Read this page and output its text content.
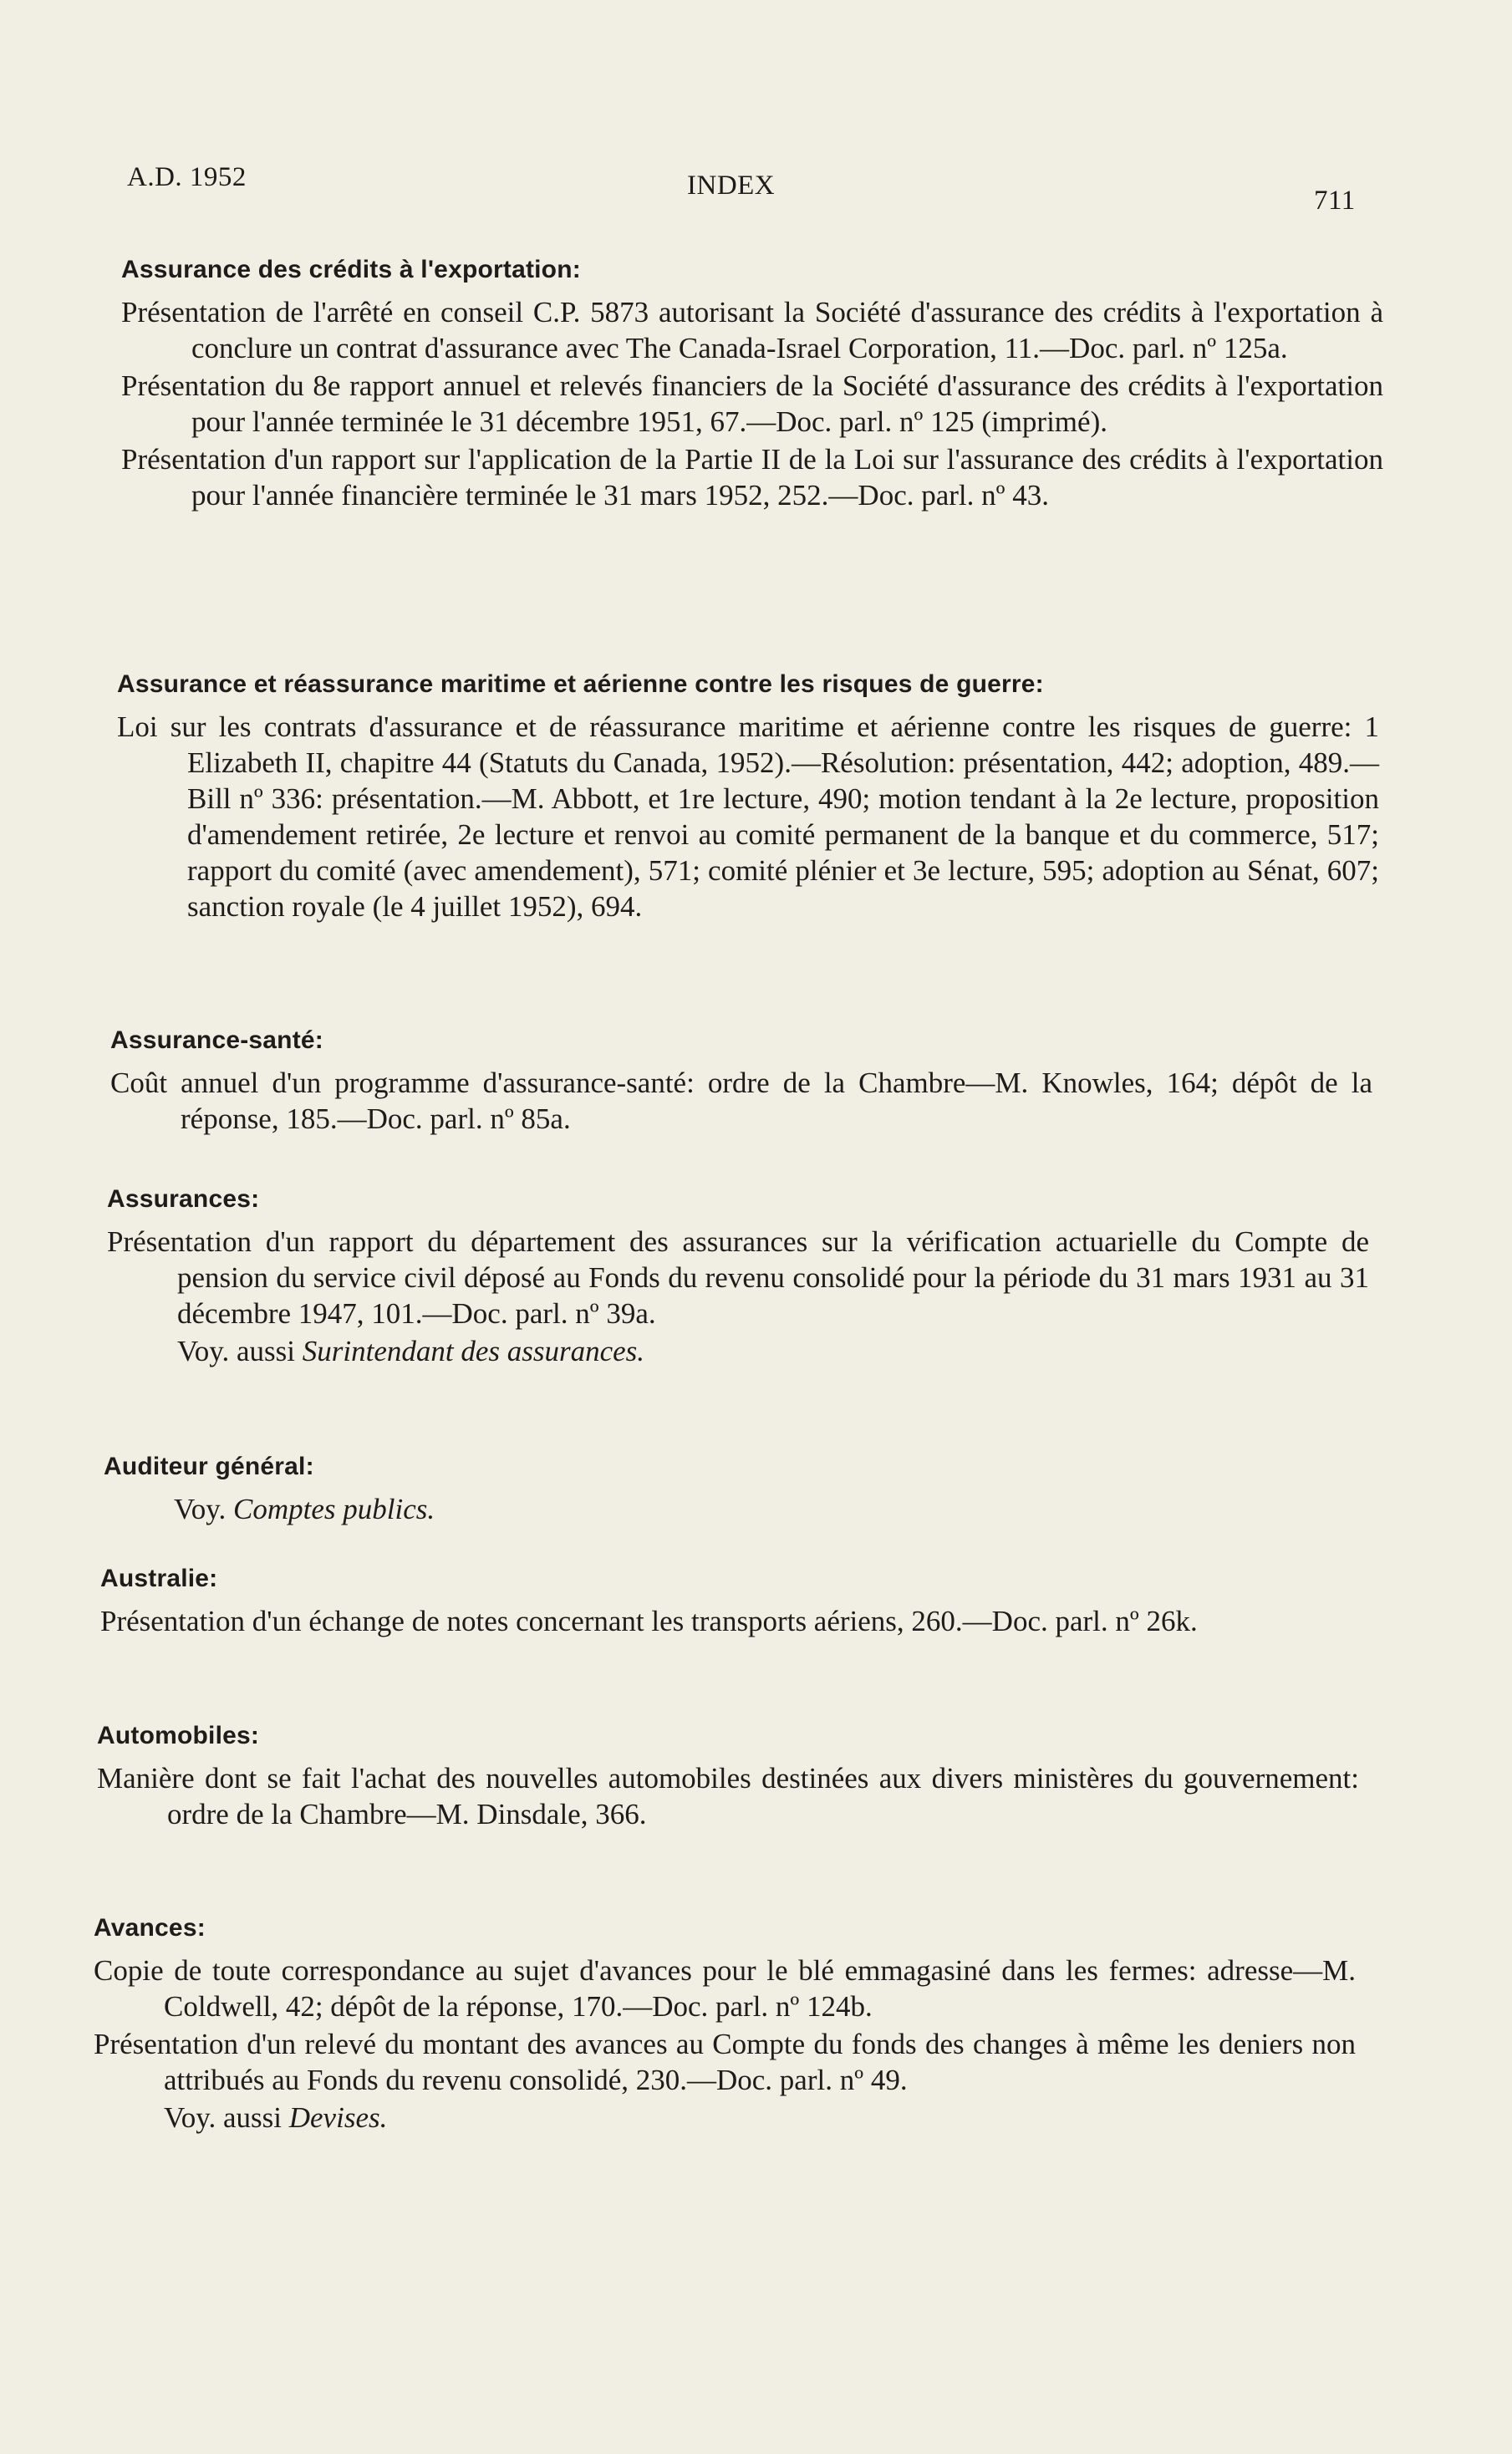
A.D. 1952	INDEX	711
Assurance des crédits à l'exportation:
Présentation de l'arrêté en conseil C.P. 5873 autorisant la Société d'assurance des crédits à l'exportation à conclure un contrat d'assurance avec The Canada-Israel Corporation, 11.—Doc. parl. nº 125a.
Présentation du 8e rapport annuel et relevés financiers de la Société d'assurance des crédits à l'exportation pour l'année terminée le 31 décembre 1951, 67.—Doc. parl. nº 125 (imprimé).
Présentation d'un rapport sur l'application de la Partie II de la Loi sur l'assurance des crédits à l'exportation pour l'année financière terminée le 31 mars 1952, 252.—Doc. parl. nº 43.
Assurance et réassurance maritime et aérienne contre les risques de guerre:
Loi sur les contrats d'assurance et de réassurance maritime et aérienne contre les risques de guerre: 1 Elizabeth II, chapitre 44 (Statuts du Canada, 1952).—Résolution: présentation, 442; adoption, 489.—Bill nº 336: présentation.—M. Abbott, et 1re lecture, 490; motion tendant à la 2e lecture, proposition d'amendement retirée, 2e lecture et renvoi au comité permanent de la banque et du commerce, 517; rapport du comité (avec amendement), 571; comité plénier et 3e lecture, 595; adoption au Sénat, 607; sanction royale (le 4 juillet 1952), 694.
Assurance-santé:
Coût annuel d'un programme d'assurance-santé: ordre de la Chambre—M. Knowles, 164; dépôt de la réponse, 185.—Doc. parl. nº 85a.
Assurances:
Présentation d'un rapport du département des assurances sur la vérification actuarielle du Compte de pension du service civil déposé au Fonds du revenu consolidé pour la période du 31 mars 1931 au 31 décembre 1947, 101.—Doc. parl. nº 39a.
Voy. aussi Surintendant des assurances.
Auditeur général:
Voy. Comptes publics.
Australie:
Présentation d'un échange de notes concernant les transports aériens, 260.—Doc. parl. nº 26k.
Automobiles:
Manière dont se fait l'achat des nouvelles automobiles destinées aux divers ministères du gouvernement: ordre de la Chambre—M. Dinsdale, 366.
Avances:
Copie de toute correspondance au sujet d'avances pour le blé emmagasiné dans les fermes: adresse—M. Coldwell, 42; dépôt de la réponse, 170.—Doc. parl. nº 124b.
Présentation d'un relevé du montant des avances au Compte du fonds des changes à même les deniers non attribués au Fonds du revenu consolidé, 230.—Doc. parl. nº 49.
Voy. aussi Devises.
